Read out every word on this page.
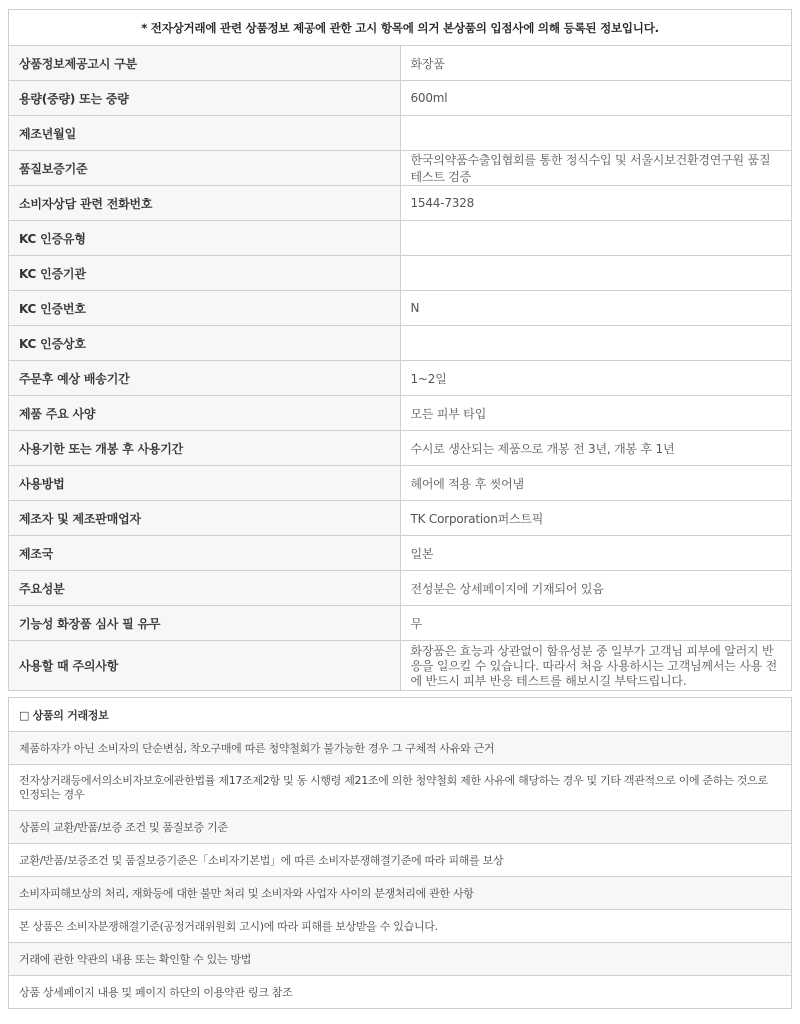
* 전자상거래에 관련 상품정보 제공에 관한 고시 항목에 의거 본상품의 입점사에 의해 등록된 정보입니다.	
상품정보제공고시 구분	화장품
용량(중량) 또는 중량	600ml
제조년월일	
품질보증기준	한국의약품수출입협회를 통한 정식수입 및 서울시보건환경연구원 품질테스트 검증
소비자상담 관련 전화번호	1544-7328
KC 인증유형	
KC 인증기관	
KC 인증번호	N
KC 인증상호	
주문후 예상 배송기간	1~2일
제품 주요 사양	모든 피부 타입
사용기한 또는 개봉 후 사용기간	수시로 생산되는 제품으로 개봉 전 3년, 개봉 후 1년
사용방법	헤어에 적용 후 씻어냄
제조자 및 제조판매업자	TK Corporation퍼스트픽
제조국	일본
주요성분	전성분은 상세페이지에 기재되어 있음
기능성 화장품 심사 필 유무	무
사용할 때 주의사항	화장품은 효능과 상관없이 함유성분 중 일부가 고객님 피부에 알러지 반응을 일으킬 수 있습니다. 따라서 처음 사용하시는 고객님께서는 사용 전에 반드시 피부 반응 테스트를 해보시길 부탁드립니다.
□ 상품의 거래정보
제품하자가 아닌 소비자의 단순변심, 착오구매에 따른 청약철회가 불가능한 경우 그 구체적 사유와 근거
전자상거래등에서의소비자보호에관한법률 제17조제2항 및 동 시행령 제21조에 의한 청약철회 제한 사유에 해당하는 경우 및 기타 객관적으로 이에 준하는 것으로 인정되는 경우
상품의 교환/반품/보증 조건 및 품질보증 기준
교환/반품/보증조건 및 품질보증기준은「소비자기본법」에 따른 소비자분쟁해결기준에 따라 피해를 보상
소비자피해보상의 처리, 재화등에 대한 불만 처리 및 소비자와 사업자 사이의 분쟁처리에 관한 사항
본 상품은 소비자분쟁해결기준(공정거래위원회 고시)에 따라 피해를 보상받을 수 있습니다.
거래에 관한 약관의 내용 또는 확인할 수 있는 방법
상품 상세페이지 내용 및 페이지 하단의 이용약관 링크 참조
